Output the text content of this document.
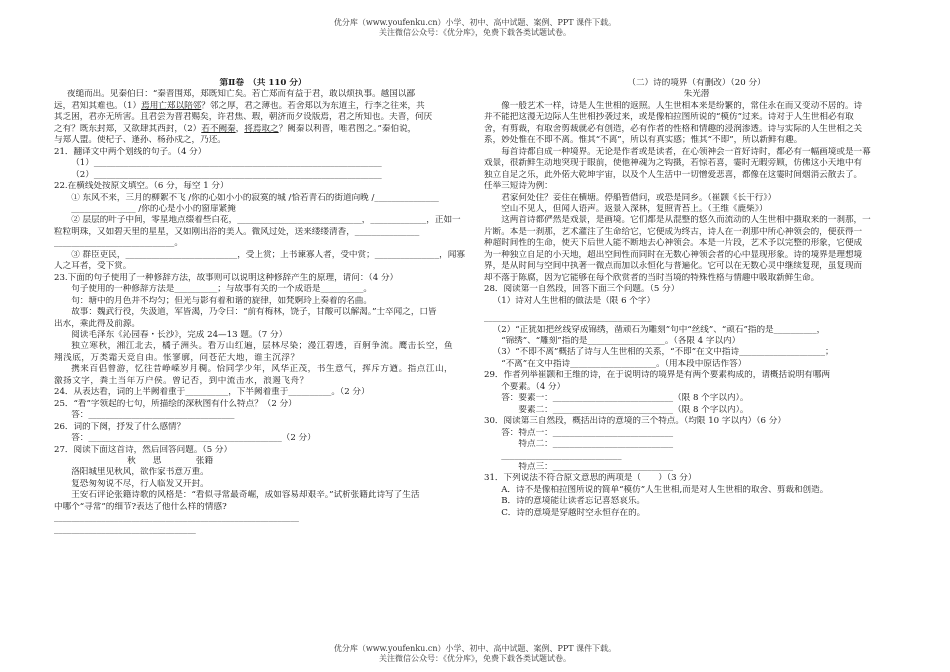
优分库（www.youfenku.cn）小学、初中、高中试题、案例、PPT 课件下载。
关注微信公众号：《优分库》，免费下载各类试题试卷。
第Ⅱ卷　（共 110 分）
夜缒而出。见秦伯曰：“秦晋围郑，郑既知亡矣。若亡郑而有益于君，敢以烦执事。越国以鄙
远，君知其难也。（1）焉用亡郑以陪邻？邻之厚，君之薄也。若舍郑以为东道主，行李之往来，共
其乏困，君亦无所害。且君尝为晋君赐矣，许君焦、瑕，朝济而夕设版焉，君之所知也。夫晋，何厌
之有？既东封郑，又欲肆其西封，（2）若不阙秦，将焉取之？阙秦以利晋，唯君图之。”秦伯说，
与郑人盟。使杞子、逢孙、杨孙戍之，乃还。
21．翻译文中两个划线的句子。（4 分）
（1）___________________________________________________________________
（2）___________________________________________________________________
22.在横线处按原文填空。（6 分，每空 1 分）
① 东风不来，三月的柳絮不飞 /你的心如小小的寂寞的城 /恰若青石的街道向晚 /_______________
_______________ /你的心是小小的窗扉紧掩
② 层层的叶子中间，零星地点缀着些白花，_____________________________，_____________，正如一
粒粒明珠，又如碧天里的星星，又如刚出浴的美人。微风过处，送来缕缕清香，_______________
____________________________。
③ 群臣吏民，__________________________，受上赏；上书谏寡人者，受中赏；_______________，闻寡
人之耳者，受下赏。
23.下面的句子使用了一种修辞方法，故事则可以说明这种修辞产生的原理，请问：（4 分）
句子使用的一种修辞方法是__________；与故事有关的一个成语是__________。
句：塘中的月色并不均匀；但光与影有着和谐的旋律，如梵婀玲上奏着的名曲。
故事：魏武行役，失汲道，军皆渴，乃令曰：“前有梅林，饶子，甘酸可以解渴。”士卒闻之，口皆
出水，乘此得及前源。
阅读毛泽东《沁园春・长沙》，完成 24—13 题。（7 分）
独立寒秋，湘江北去，橘子洲头。看万山红遍，层林尽染；漫江碧透，百舸争流。鹰击长空，鱼
翔浅底，万类霜天竞自由。怅寥廓，问苍茫大地，谁主沉浮？
携来百侣曾游，忆往昔峥嵘岁月稠。恰同学少年，风华正茂，书生意气，挥斥方遒。指点江山，
激扬文字，粪土当年万户侯。曾记否，到中流击水，浪遏飞舟？
24．从表达看，词的上半阙着重于__________，下半阙着重于__________。（2 分）
25．“看”字领起的七句，所描绘的深秋图有什么特点？（2 分）
答：__________________________________
26．词的下阕，抒发了什么感情？
答：_____________________________________________（2 分）
27．阅读下面这首诗，然后回答问题。（5 分）
秋　　思　　　　张籍
洛阳城里见秋风，欲作家书意万重。
复恐匆匆说不尽，行人临发又开封。
王安石评论张籍诗歌的风格是：“看似寻常最奇崛，成如容易却艰辛。”试析张籍此诗写了生活
中哪个“寻常”的细节?表达了他什么样的情感?
_________________________________________________________
_________________________________
（二）诗的境界（有删改）（20 分）
朱光潜
像一般艺术一样，诗是人生世相的返照。人生世相本来是纷繁的，常住永在而又变动不居的。诗
并不能把这漫无边际人生世相抄袭过来，或是像柏拉图所说的“模仿”过来。诗对于人生世相必有取
舍，有剪裁，有取舍剪裁就必有创造，必有作者的性格和情趣的浸润渗透。诗与实际的人生世相之关
系，妙处惟在不即不离。惟其“不离”，所以有真实感；惟其“不即”，所以新鲜有趣。
每首诗都自成一种境界。无论是作者或是读者，在心领神会一首好诗时，都必有一幅画境或是一幕
戏景，很新鲜生动地突现于眼前，使他神魂为之钩摄，若惊若喜，霎时无暇旁顾，仿佛这小天地中有
独立自足之乐，此外偌大乾坤宇宙，以及个人生活中一切憎爱悲喜，都像在这霎时间烟消云散去了。
任举三短诗为例：
君家何处住？妾住在横塘。停船暂借问，或恐是同乡。（崔颢《长干行》）
空山不见人，但闻人语声。返景入深林，复照青苔上。（王维《鹿柴》）
这两首诗都俨然是戏景，是画境。它们都是从混整的悠久而流动的人生世相中摄取来的一刹那，一
片断。本是一刹那，艺术灌注了生命给它，它便成为终古，诗人在一刹那中所心神领会的，便获得一
种超时间性的生命，使天下后世人能不断地去心神领会。本是一片段，艺术予以完整的形象，它便成
为一种独立自足的小天地，超出空间性而同时在无数心神领会者的心中显现形象。诗的境界是理想境
界，是从时间与空间中执著一微点而加以永恒化与普遍化。它可以在无数心灵中继续复现，虽复现而
却不落于陈腐，因为它能够在每个欣赏者的当时当境的特殊性格与情趣中吸取新鲜生命。
28．阅读第一自然段，回答下面三个问题。（5 分）
（1）诗对人生世相的做法是（限 6 个字）
_______________________________________
（2）“正犹如把丝线穿成锦绣，凿顽石为雕刻”句中“丝线”、“顽石”指的是__________，
“锦绣”、“雕刻”指的是__________________。（各限 4 字以内）
（3）“不即不离”概括了诗与人生世相的关系，“不即”在文中指诗____________________；
“不离”在文中指诗____________________。（用本段中原话作答）
29．作者列举崔颢和王维的诗，在于说明诗的境界是有两个要素构成的，请概括说明有哪两
个要素。（4 分）
答：要素一：____________________________（限 8 个字以内）。
要素二：____________________________（限 8 个字以内）。
30．阅读第三自然段，概括出诗的意境的三个特点。（均限 10 字以内）（6 分）
答：特点一：____________________________
特点二：____________________________
____________________________
特点三：____________________________
31．下列说法不符合原文意思的两项是（　　）（3 分）
A．诗不是像柏拉图所说的简单“模仿”人生世相,而是对人生世相的取舍、剪裁和创造。
B．诗的意境能让读者忘记喜怒哀乐。
C．诗的意境是穿越时空永恒存在的。
优分库（www.youfenku.cn）小学、初中、高中试题、案例、PPT 课件下载。
关注微信公众号：《优分库》，免费下载各类试题试卷。
